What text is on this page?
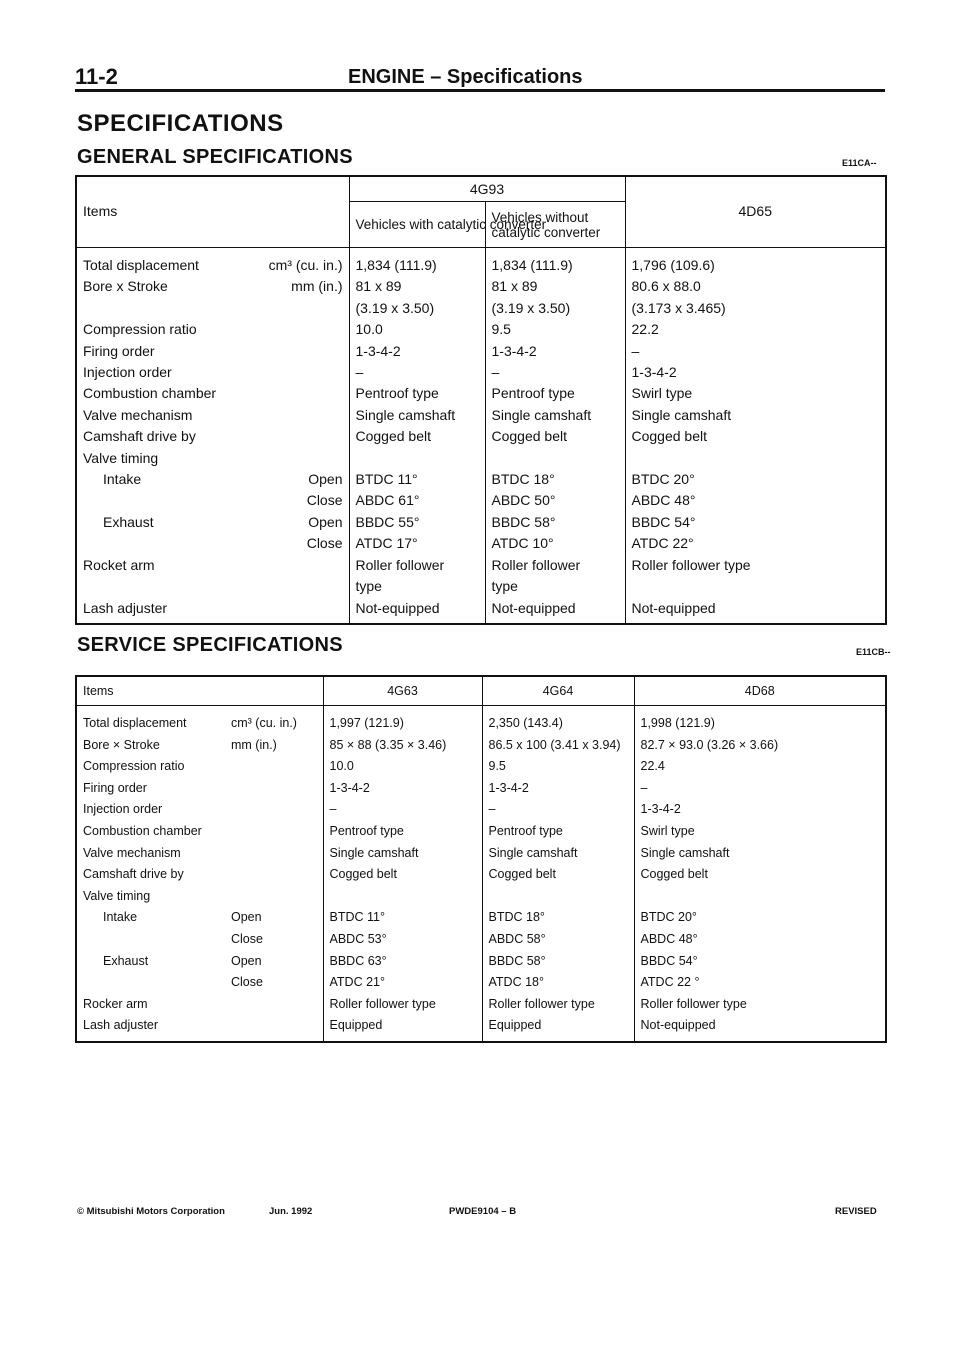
11-2	ENGINE – Specifications
SPECIFICATIONS
GENERAL SPECIFICATIONS	E11CA--
Items	4G93		4D65
	Vehicles with catalytic converter	Vehicles without catalytic converter	
Total displacement cm³ (cu. in.)	1,834 (111.9)	1,834 (111.9)	1,796 (109.6)
Bore x Stroke mm (in.)	81 x 89	81 x 89	80.6 x 88.0
	(3.19 x 3.50)	(3.19 x 3.50)	(3.173 x 3.465)
Compression ratio	10.0	9.5	22.2
Firing order	1-3-4-2	1-3-4-2	–
Injection order	–	–	1-3-4-2
Combustion chamber	Pentroof type	Pentroof type	Swirl type
Valve mechanism	Single camshaft	Single camshaft	Single camshaft
Camshaft drive by	Cogged belt	Cogged belt	Cogged belt
Valve timing			
Intake Open	BTDC 11°	BTDC 18°	BTDC 20°

Close	ABDC 61°	ABDC 50°	ABDC 48°
Exhaust Open	BBDC 55°	BBDC 58°	BBDC 54°

Close	ATDC 17°	ATDC 10°	ATDC 22°
Rocket arm	Roller follower	Roller follower	Roller follower type
	type	type	
Lash adjuster	Not-equipped	Not-equipped	Not-equipped
SERVICE SPECIFICATIONS	E11CB--
Items	4G63	4G64	4D68
Total displacement cm³ (cu. in.)	1,997 (121.9)	2,350 (143.4)	1,998 (121.9)
Bore × Stroke mm (in.)	85 × 88 (3.35 × 3.46)	86.5 x 100 (3.41 x 3.94)	82.7 × 93.0 (3.26 × 3.66)
Compression ratio	10.0	9.5	22.4
Firing order	1-3-4-2	1-3-4-2	–
Injection order	–	–	1-3-4-2
Combustion chamber	Pentroof type	Pentroof type	Swirl type
Valve mechanism	Single camshaft	Single camshaft	Single camshaft
Camshaft drive by	Cogged belt	Cogged belt	Cogged belt
Valve timing			
Intake Open	BTDC 11°	BTDC 18°	BTDC 20°

Close	ABDC 53°	ABDC 58°	ABDC 48°
Exhaust Open	BBDC 63°	BBDC 58°	BBDC 54°

Close	ATDC 21°	ATDC 18°	ATDC 22 °
Rocker arm	Roller follower type	Roller follower type	Roller follower type
Lash adjuster	Equipped	Equipped	Not-equipped
© Mitsubishi Motors Corporation	Jun. 1992	PWDE9104 – B	REVISED
